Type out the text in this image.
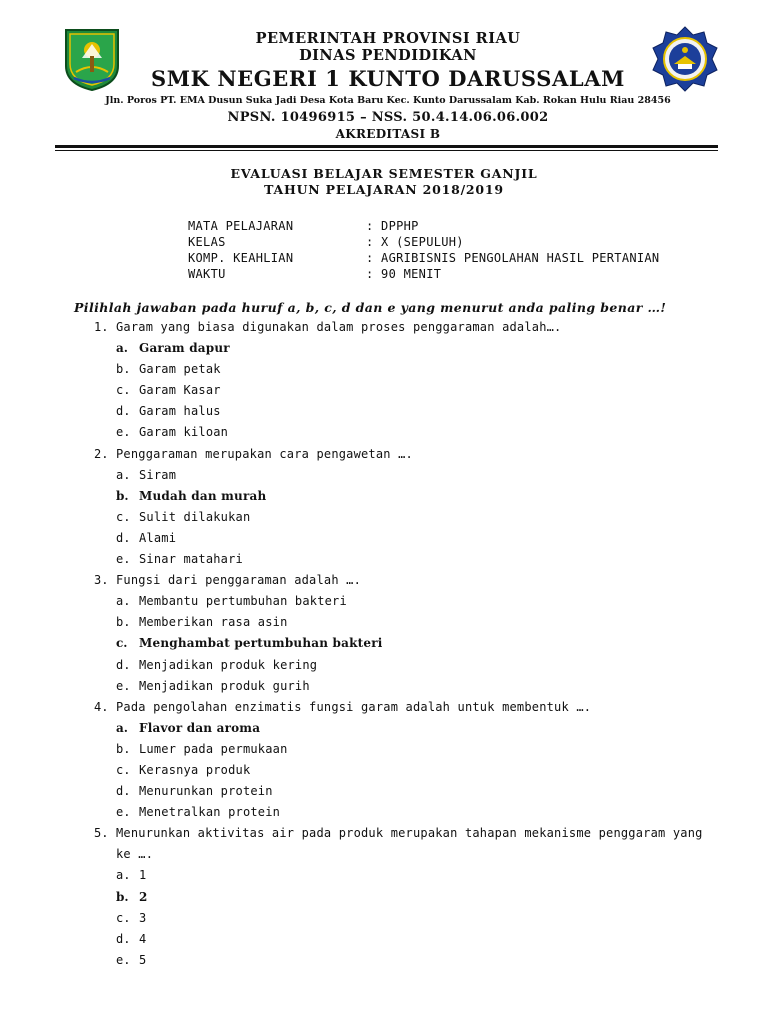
PEMERINTAH PROVINSI RIAU
DINAS PENDIDIKAN
SMK NEGERI 1 KUNTO DARUSSALAM
Jln. Poros PT. EMA Dusun Suka Jadi Desa Kota Baru Kec. Kunto Darussalam Kab. Rokan Hulu Riau 28456
NPSN. 10496915 – NSS. 50.4.14.06.06.002
AKREDITASI B
EVALUASI BELAJAR SEMESTER GANJIL
TAHUN PELAJARAN 2018/2019
MATA PELAJARAN	: DPPHP
KELAS	: X (SEPULUH)
KOMP. KEAHLIAN	: AGRIBISNIS PENGOLAHAN HASIL PERTANIAN
WAKTU	: 90 MENIT
Pilihlah jawaban pada huruf a, b, c, d dan e yang menurut anda paling benar …!
1. Garam yang biasa digunakan dalam proses penggaraman adalah….
a. Garam dapur
b. Garam petak
c. Garam Kasar
d. Garam halus
e. Garam kiloan
2. Penggaraman merupakan cara pengawetan ….
a. Siram
b. Mudah dan murah
c. Sulit dilakukan
d. Alami
e. Sinar matahari
3. Fungsi dari penggaraman adalah ….
a. Membantu pertumbuhan bakteri
b. Memberikan rasa asin
c. Menghambat pertumbuhan bakteri
d. Menjadikan produk kering
e. Menjadikan produk gurih
4. Pada pengolahan enzimatis fungsi garam adalah untuk membentuk ….
a. Flavor dan aroma
b. Lumer pada permukaan
c. Kerasnya produk
d. Menurunkan protein
e. Menetralkan protein
5. Menurunkan aktivitas air pada produk merupakan tahapan mekanisme penggaram yang ke ….
a. 1
b. 2
c. 3
d. 4
e. 5
